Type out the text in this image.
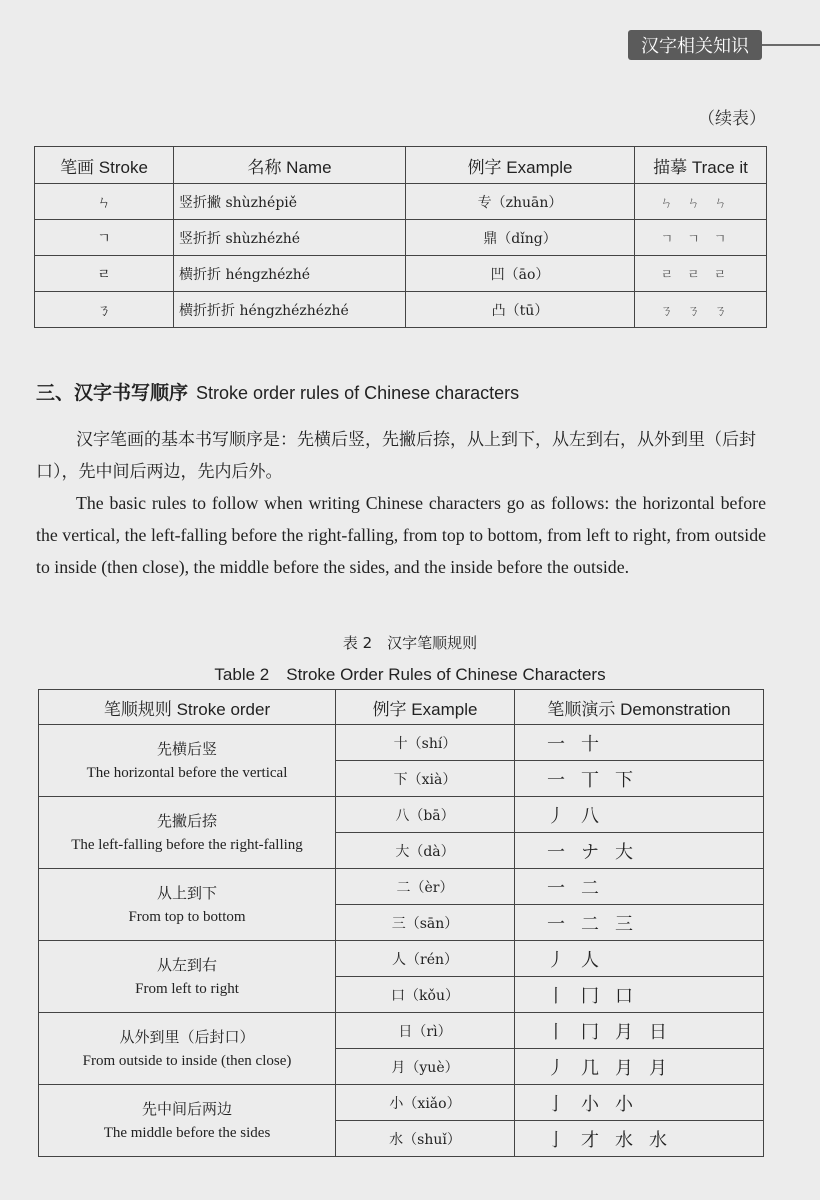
汉字相关知识
（续表）
笔画 Stroke	名称 Name	例字 Example	描摹 Trace it
ㄣ	竖折撇 shùzhépiě	专（zhuān）	ㄣㄣㄣ
ㄱ	竖折折 shùzhézhé	鼎（dǐng）	ㄱㄱㄱ
ㄹ	横折折 héngzhézhé	凹（āo）	ㄹㄹㄹ
ㄋ	横折折折 héngzhézhézhé	凸（tū）	ㄋㄋㄋ
三、汉字书写顺序 Stroke order rules of Chinese characters
汉字笔画的基本书写顺序是：先横后竖，先撇后捺，从上到下，从左到右，从外到里（后封口），先中间后两边，先内后外。
The basic rules to follow when writing Chinese characters go as follows: the horizontal before the vertical, the left-falling before the right-falling, from top to bottom, from left to right, from outside to inside (then close), the middle before the sides, and the inside before the outside.
表 2　汉字笔顺规则
Table 2　Stroke Order Rules of Chinese Characters
笔顺规则 Stroke order	例字 Example	笔顺演示 Demonstration

先横后竖
The horizontal before the vertical	十（shí）	一 十
	下（xià）	一 丅 下

先撇后捺
The left-falling before the right-falling	八（bā）	丿 八
	大（dà）	一 ナ 大

从上到下
From top to bottom	二（èr）	一 二
	三（sān）	一 二 三

从左到右
From left to right	人（rén）	丿 人
	口（kǒu）	丨 冂 口

从外到里（后封口）
From outside to inside (then close)	日（rì）	丨 冂 月 日
	月（yuè）	丿 几 月 月

先中间后两边
The middle before the sides	小（xiǎo）	亅 小 小
	水（shuǐ）	亅 才 水 水
